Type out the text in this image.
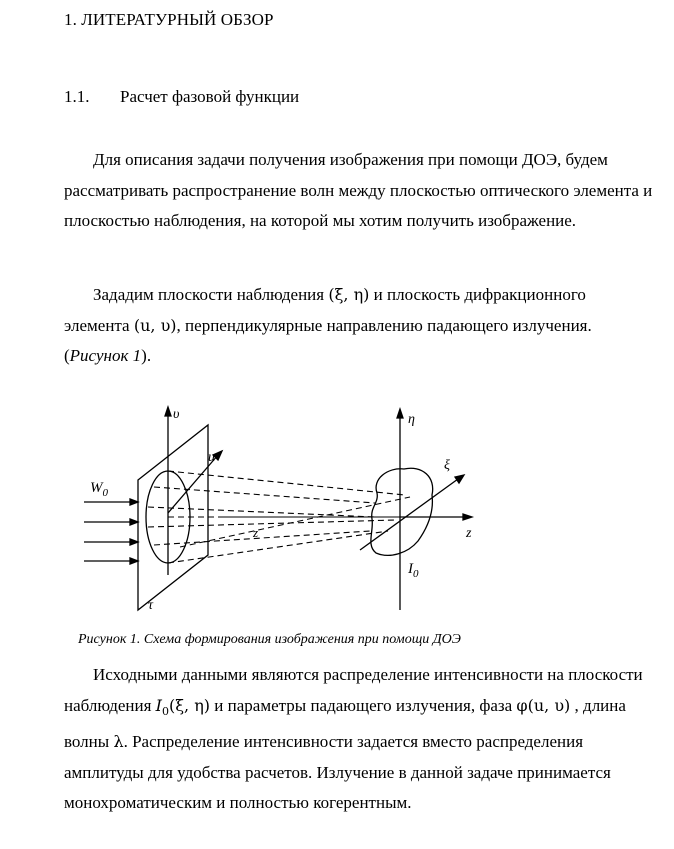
1. ЛИТЕРАТУРНЫЙ ОБЗОР
1.1. Расчет фазовой функции

Для описания задачи получения изображения при помощи ДОЭ, будем рассматривать распространение волн между плоскостью оптического элемента и плоскостью наблюдения, на которой мы хотим получить изображение.

Зададим плоскости наблюдения (ξ, η) и плоскость дифракционного элемента (u, υ), перпендикулярные направлению падающего излучения. (Рисунок 1).

υ
u
$W_0$
τ
z
η
ξ
z
$I_0$
Рисунок 1. Схема формирования изображения при помощи ДОЭ

Исходными данными являются распределение интенсивности на плоскости наблюдения $I_0(\xi$, η) и параметры падающего излучения, фаза φ(u, υ) , длина волны λ. Распределение интенсивности задается вместо распределения амплитуды для удобства расчетов. Излучение в данной задаче принимается монохроматическим и полностью когерентным.
